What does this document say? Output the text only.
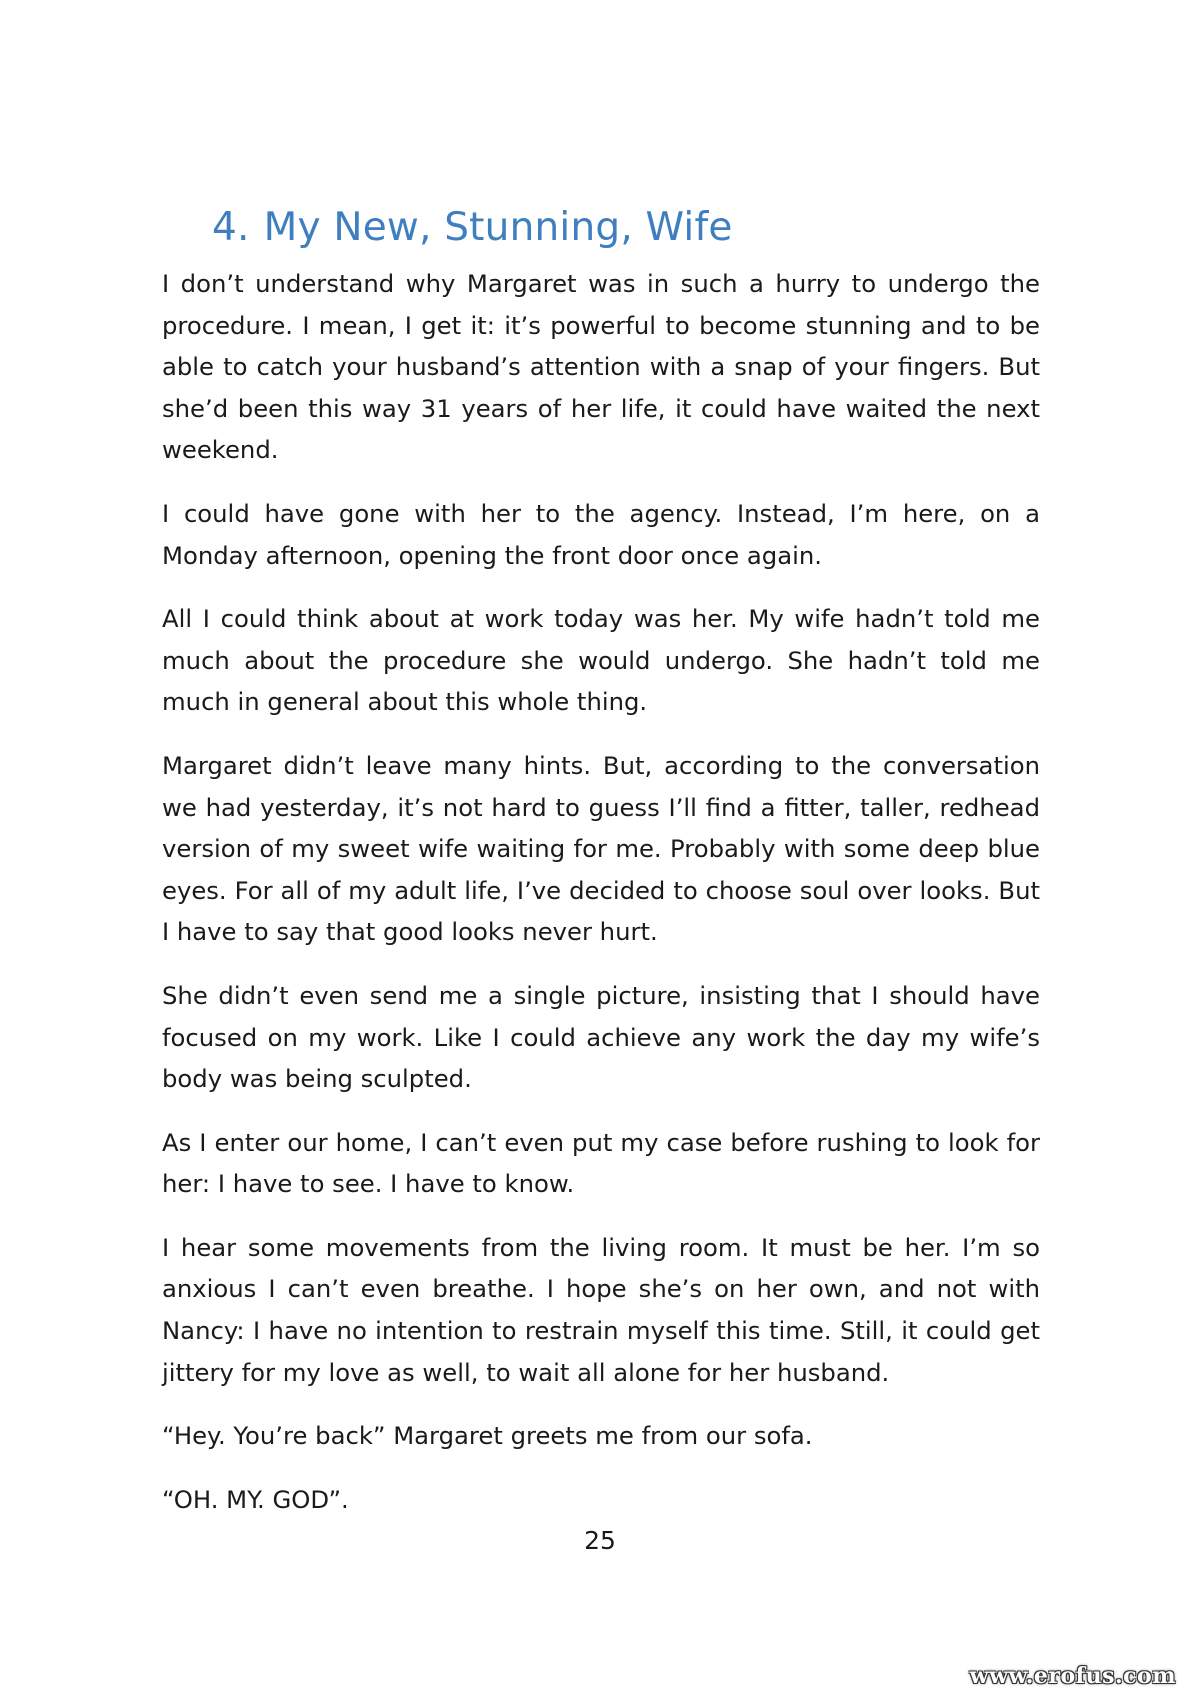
4. My New, Stunning, Wife

I don’t understand why Margaret was in such a hurry to undergo the procedure. I mean, I get it: it’s powerful to become stunning and to be able to catch your husband’s attention with a snap of your fingers. But she’d been this way 31 years of her life, it could have waited the next weekend.

I could have gone with her to the agency. Instead, I’m here, on a Monday afternoon, opening the front door once again.

All I could think about at work today was her. My wife hadn’t told me much about the procedure she would undergo. She hadn’t told me much in general about this whole thing.

Margaret didn’t leave many hints. But, according to the conversation we had yesterday, it’s not hard to guess I’ll find a fitter, taller, redhead version of my sweet wife waiting for me. Probably with some deep blue eyes. For all of my adult life, I’ve decided to choose soul over looks. But I have to say that good looks never hurt.

She didn’t even send me a single picture, insisting that I should have focused on my work. Like I could achieve any work the day my wife’s body was being sculpted.

As I enter our home, I can’t even put my case before rushing to look for her: I have to see. I have to know.

I hear some movements from the living room. It must be her. I’m so anxious I can’t even breathe. I hope she’s on her own, and not with Nancy: I have no intention to restrain myself this time. Still, it could get jittery for my love as well, to wait all alone for her husband.

“Hey. You’re back” Margaret greets me from our sofa.

“OH. MY. GOD”.

25
www.erofus.com
